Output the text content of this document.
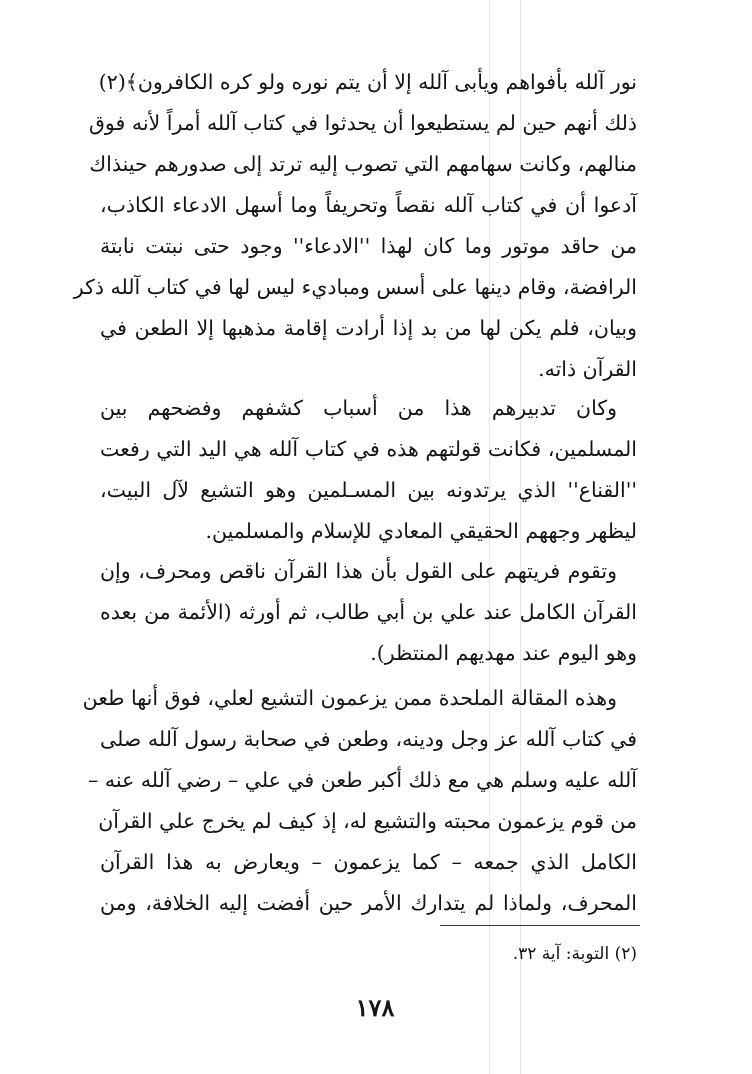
نور آلله بأفواهم ويأبى آلله إلا أن يتم نوره ولو كره الكافرون﴾(٢)
ذلك أنهم حين لم يستطيعوا أن يحدثوا في كتاب آلله أمراً لأنه فوق
منالهم، وكانت سهامهم التي تصوب إليه ترتد إلى صدورهم حينذاك
آدعوا أن في كتاب آلله نقصاً وتحريفاً وما أسهل الادعاء الكاذب،
من حاقد موتور وما كان لهذا ''الادعاء'' وجود حتى نبتت نابتة
الرافضة، وقام دينها على أسس ومباديء ليس لها في كتاب آلله ذكر
وبيان، فلم يكن لها من بد إذا أرادت إقامة مذهبها إلا الطعن في
القرآن ذاته.
وكان تدبيرهم هذا من أسباب كشفهم وفضحهم بين
المسلمين، فكانت قولتهم هذه في كتاب آلله هي اليد التي رفعت
''القناع'' الذي يرتدونه بين المسـلمين وهو التشيع لآل البيت،
ليظهر وجههم الحقيقي المعادي للإسلام والمسلمين.
وتقوم فريتهم على القول بأن هذا القرآن ناقص ومحرف، وإن
القرآن الكامل عند علي بن أبي طالب، ثم أورثه (الأئمة من بعده
وهو اليوم عند مهديهم المنتظر).
وهذه المقالة الملحدة ممن يزعمون التشيع لعلي، فوق أنها طعن
في كتاب آلله عز وجل ودينه، وطعن في صحابة رسول آلله صلى
آلله عليه وسلم هي مع ذلك أكبر طعن في علي – رضي آلله عنه –
من قوم يزعمون محبته والتشيع له، إذ كيف لم يخرج علي القرآن
الكامل الذي جمعه – كما يزعمون – ويعارض به هذا القرآن
المحرف، ولماذا لم يتدارك الأمر حين أفضت إليه الخلافة، ومن
(٢) التوبة: آية ٣٢.
١٧٨
